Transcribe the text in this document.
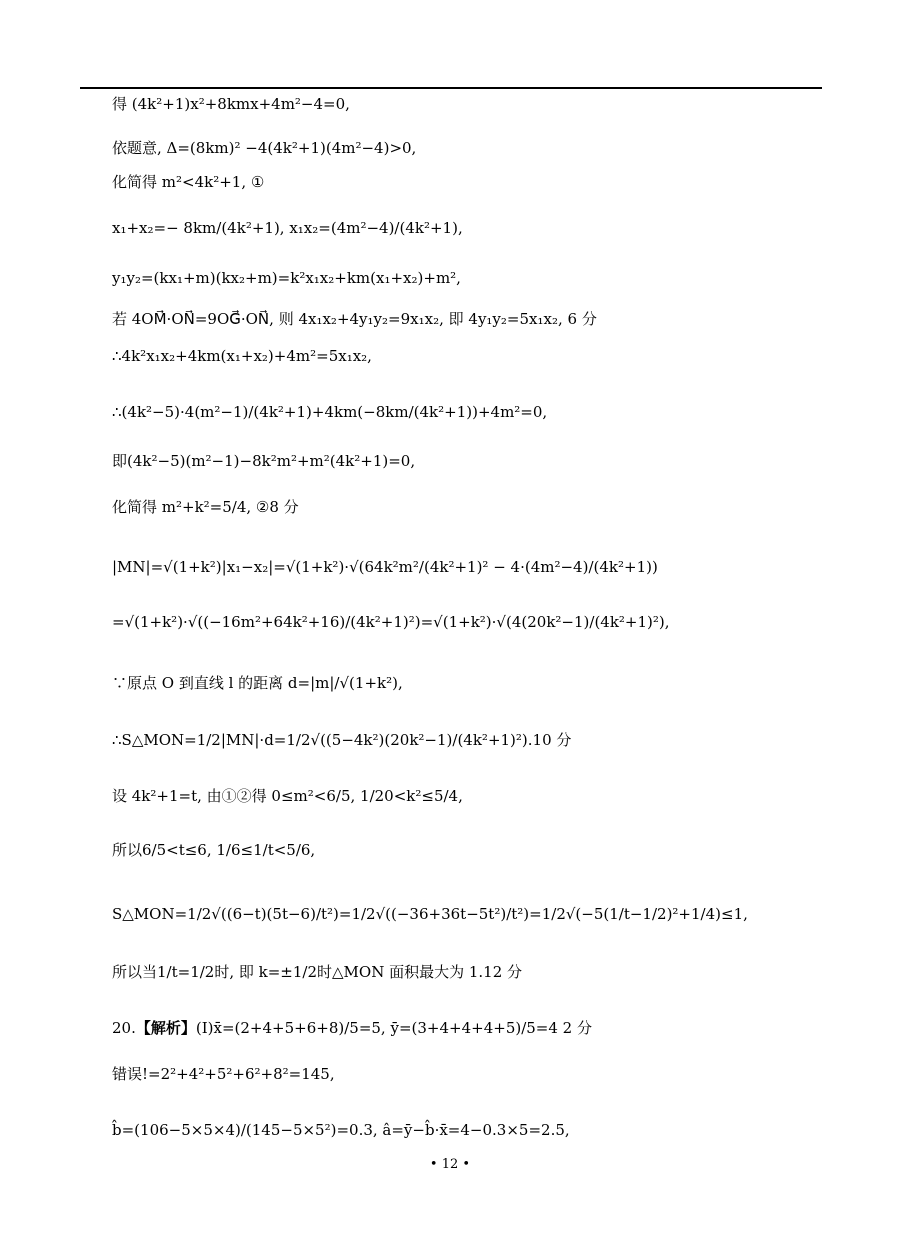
得 (4k²+1)x²+8kmx+4m²−4=0,
依题意, Δ=(8km)² −4(4k²+1)(4m²−4)>0,
化简得 m²<4k²+1, ①
x₁+x₂=− 8km/(4k²+1), x₁x₂=(4m²−4)/(4k²+1),
y₁y₂=(kx₁+m)(kx₂+m)=k²x₁x₂+km(x₁+x₂)+m²,
若 4OM⃗·ON⃗=9OG⃗·ON⃗, 则 4x₁x₂+4y₁y₂=9x₁x₂, 即 4y₁y₂=5x₁x₂, 6 分
∴4k²x₁x₂+4km(x₁+x₂)+4m²=5x₁x₂,
∴(4k²−5)·4(m²−1)/(4k²+1)+4km(−8km/(4k²+1))+4m²=0,
即(4k²−5)(m²−1)−8k²m²+m²(4k²+1)=0,
化简得 m²+k²=5/4, ②8 分
|MN|=√(1+k²)|x₁−x₂|=√(1+k²)·√(64k²m²/(4k²+1)² − 4·(4m²−4)/(4k²+1))
=√(1+k²)·√((−16m²+64k²+16)/(4k²+1)²)=√(1+k²)·√(4(20k²−1)/(4k²+1)²),
∵原点 O 到直线 l 的距离 d=|m|/√(1+k²),
∴S△MON=1/2|MN|·d=1/2√((5−4k²)(20k²−1)/(4k²+1)²).10 分
设 4k²+1=t, 由①②得 0≤m²<6/5, 1/20<k²≤5/4,
所以6/5<t≤6, 1/6≤1/t<5/6,
S△MON=1/2√((6−t)(5t−6)/t²)=1/2√((−36+36t−5t²)/t²)=1/2√(−5(1/t−1/2)²+1/4)≤1,
所以当1/t=1/2时, 即 k=±1/2时△MON 面积最大为 1.12 分
20.【解析】(Ⅰ)x̄=(2+4+5+6+8)/5=5, ȳ=(3+4+4+4+5)/5=4 2 分
错误!=2²+4²+5²+6²+8²=145,
b̂=(106−5×5×4)/(145−5×5²)=0.3, â=ȳ−b̂·x̄=4−0.3×5=2.5,
• 12 •
